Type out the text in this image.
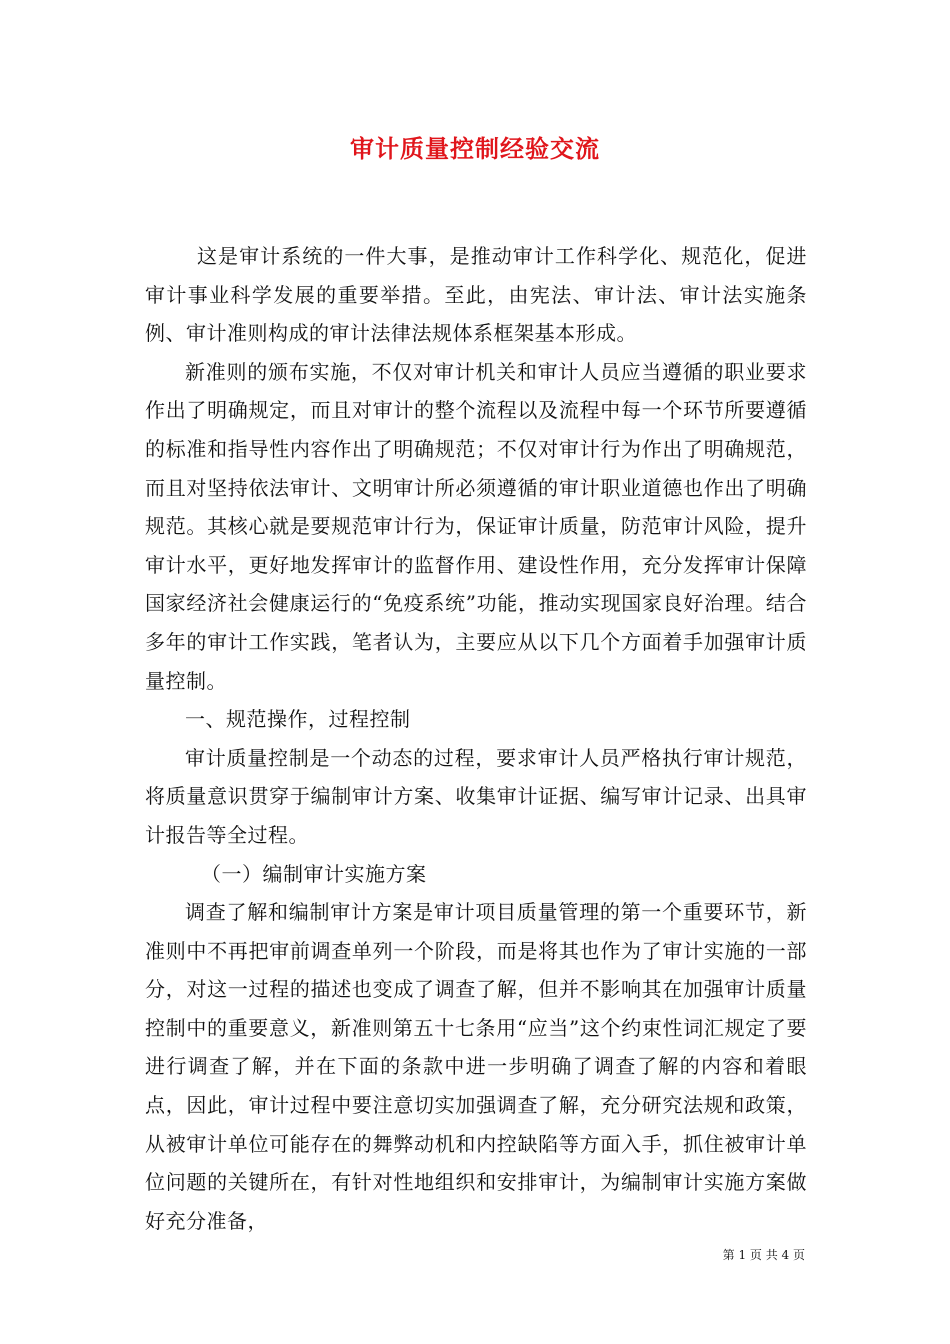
审计质量控制经验交流

这是审计系统的一件大事，是推动审计工作科学化、规范化，促进审计事业科学发展的重要举措。至此，由宪法、审计法、审计法实施条例、审计准则构成的审计法律法规体系框架基本形成。

新准则的颁布实施，不仅对审计机关和审计人员应当遵循的职业要求作出了明确规定，而且对审计的整个流程以及流程中每一个环节所要遵循的标准和指导性内容作出了明确规范；不仅对审计行为作出了明确规范，而且对坚持依法审计、文明审计所必须遵循的审计职业道德也作出了明确规范。其核心就是要规范审计行为，保证审计质量，防范审计风险，提升审计水平，更好地发挥审计的监督作用、建设性作用，充分发挥审计保障国家经济社会健康运行的“免疫系统”功能，推动实现国家良好治理。结合多年的审计工作实践，笔者认为，主要应从以下几个方面着手加强审计质量控制。

一、规范操作，过程控制

审计质量控制是一个动态的过程，要求审计人员严格执行审计规范，将质量意识贯穿于编制审计方案、收集审计证据、编写审计记录、出具审计报告等全过程。

（一）编制审计实施方案

调查了解和编制审计方案是审计项目质量管理的第一个重要环节，新准则中不再把审前调查单列一个阶段，而是将其也作为了审计实施的一部分，对这一过程的描述也变成了调查了解，但并不影响其在加强审计质量控制中的重要意义，新准则第五十七条用“应当”这个约束性词汇规定了要进行调查了解，并在下面的条款中进一步明确了调查了解的内容和着眼点，因此，审计过程中要注意切实加强调查了解，充分研究法规和政策，从被审计单位可能存在的舞弊动机和内控缺陷等方面入手，抓住被审计单位问题的关键所在，有针对性地组织和安排审计，为编制审计实施方案做好充分准备，

第 1 页 共 4 页
